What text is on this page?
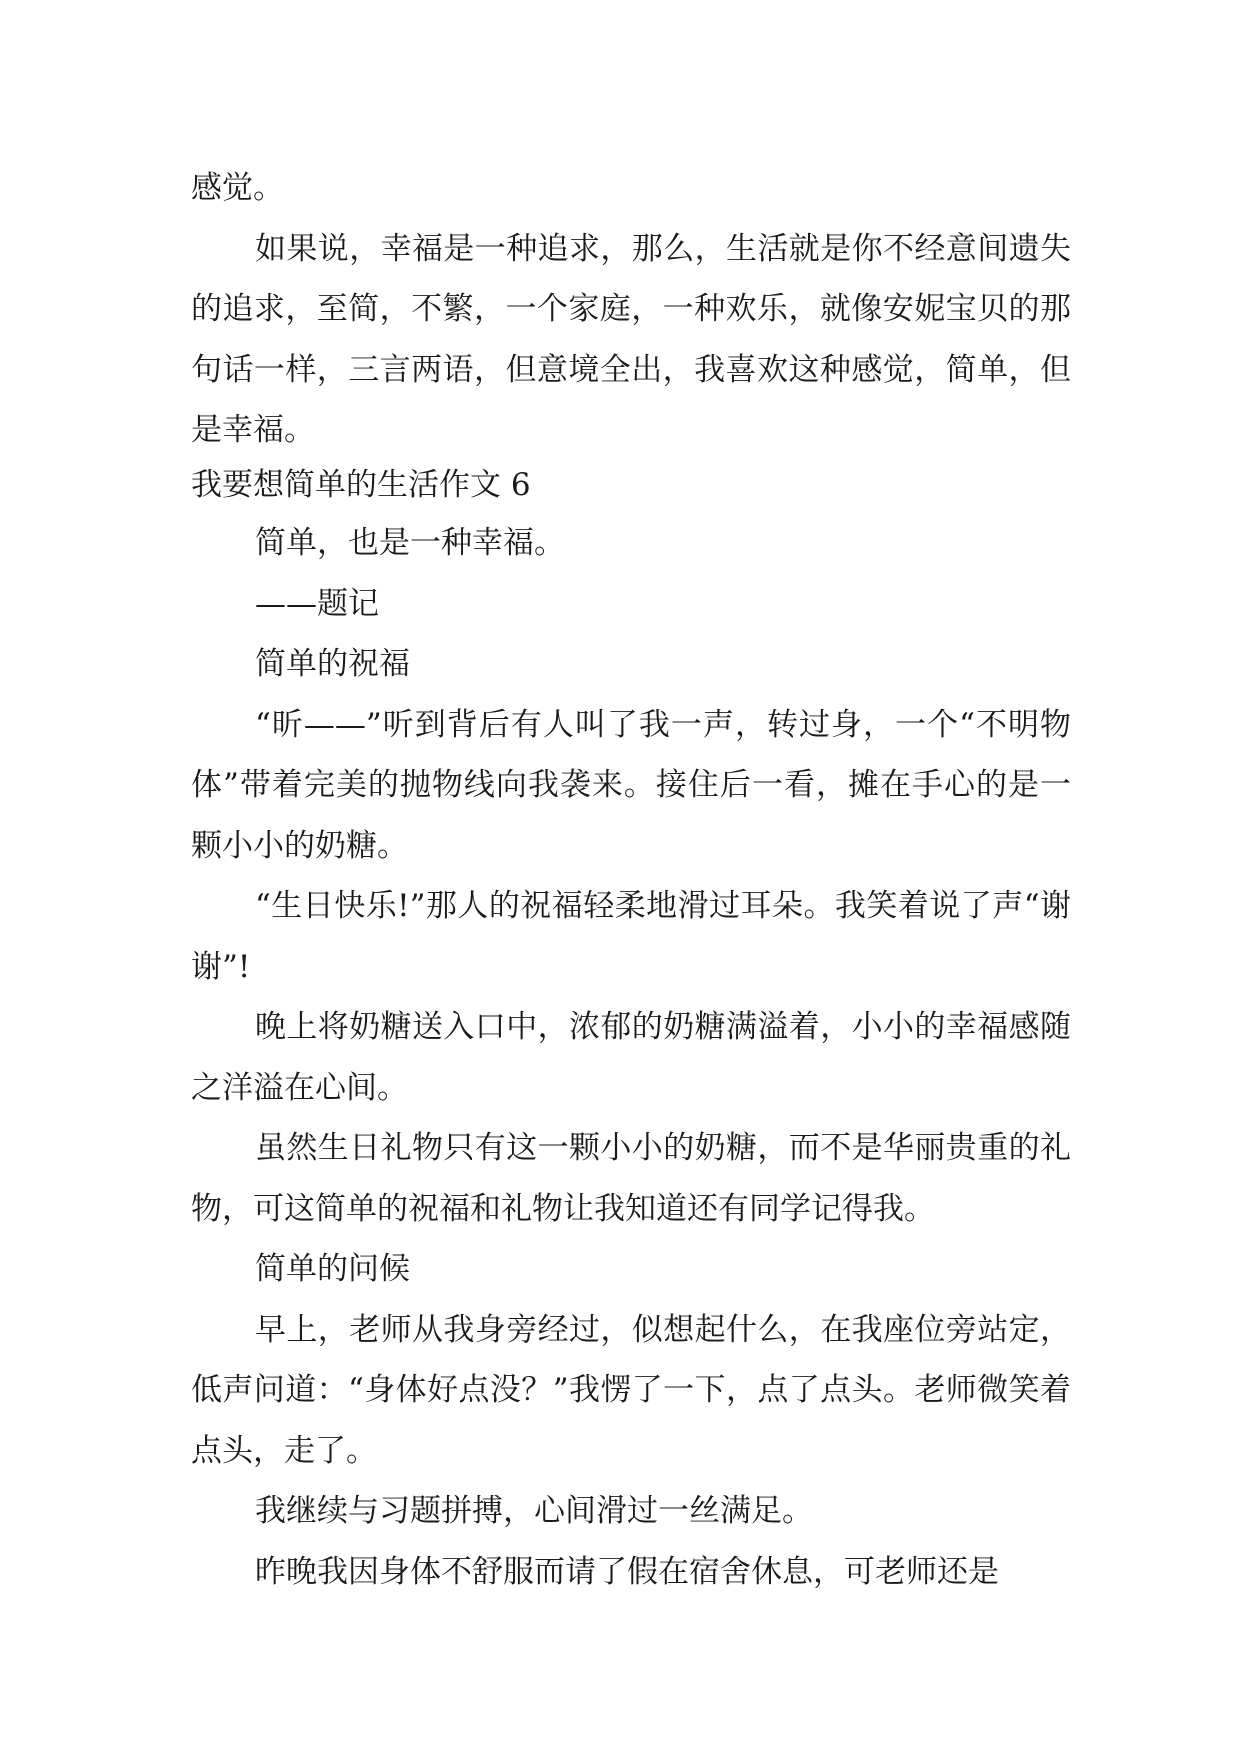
感觉。

如果说，幸福是一种追求，那么，生活就是你不经意间遗失的追求，至简，不繁，一个家庭，一种欢乐，就像安妮宝贝的那句话一样，三言两语，但意境全出，我喜欢这种感觉，简单，但是幸福。

我要想简单的生活作文 6

简单，也是一种幸福。

——题记

简单的祝福

“昕——”听到背后有人叫了我一声，转过身，一个“不明物体”带着完美的抛物线向我袭来。接住后一看，摊在手心的是一颗小小的奶糖。

“生日快乐!”那人的祝福轻柔地滑过耳朵。我笑着说了声“谢谢”!

晚上将奶糖送入口中，浓郁的奶糖满溢着，小小的幸福感随之洋溢在心间。

虽然生日礼物只有这一颗小小的奶糖，而不是华丽贵重的礼物，可这简单的祝福和礼物让我知道还有同学记得我。

简单的问候

早上，老师从我身旁经过，似想起什么，在我座位旁站定，低声问道：“身体好点没？”我愣了一下，点了点头。老师微笑着点头，走了。

我继续与习题拼搏，心间滑过一丝满足。

昨晚我因身体不舒服而请了假在宿舍休息，可老师还是
